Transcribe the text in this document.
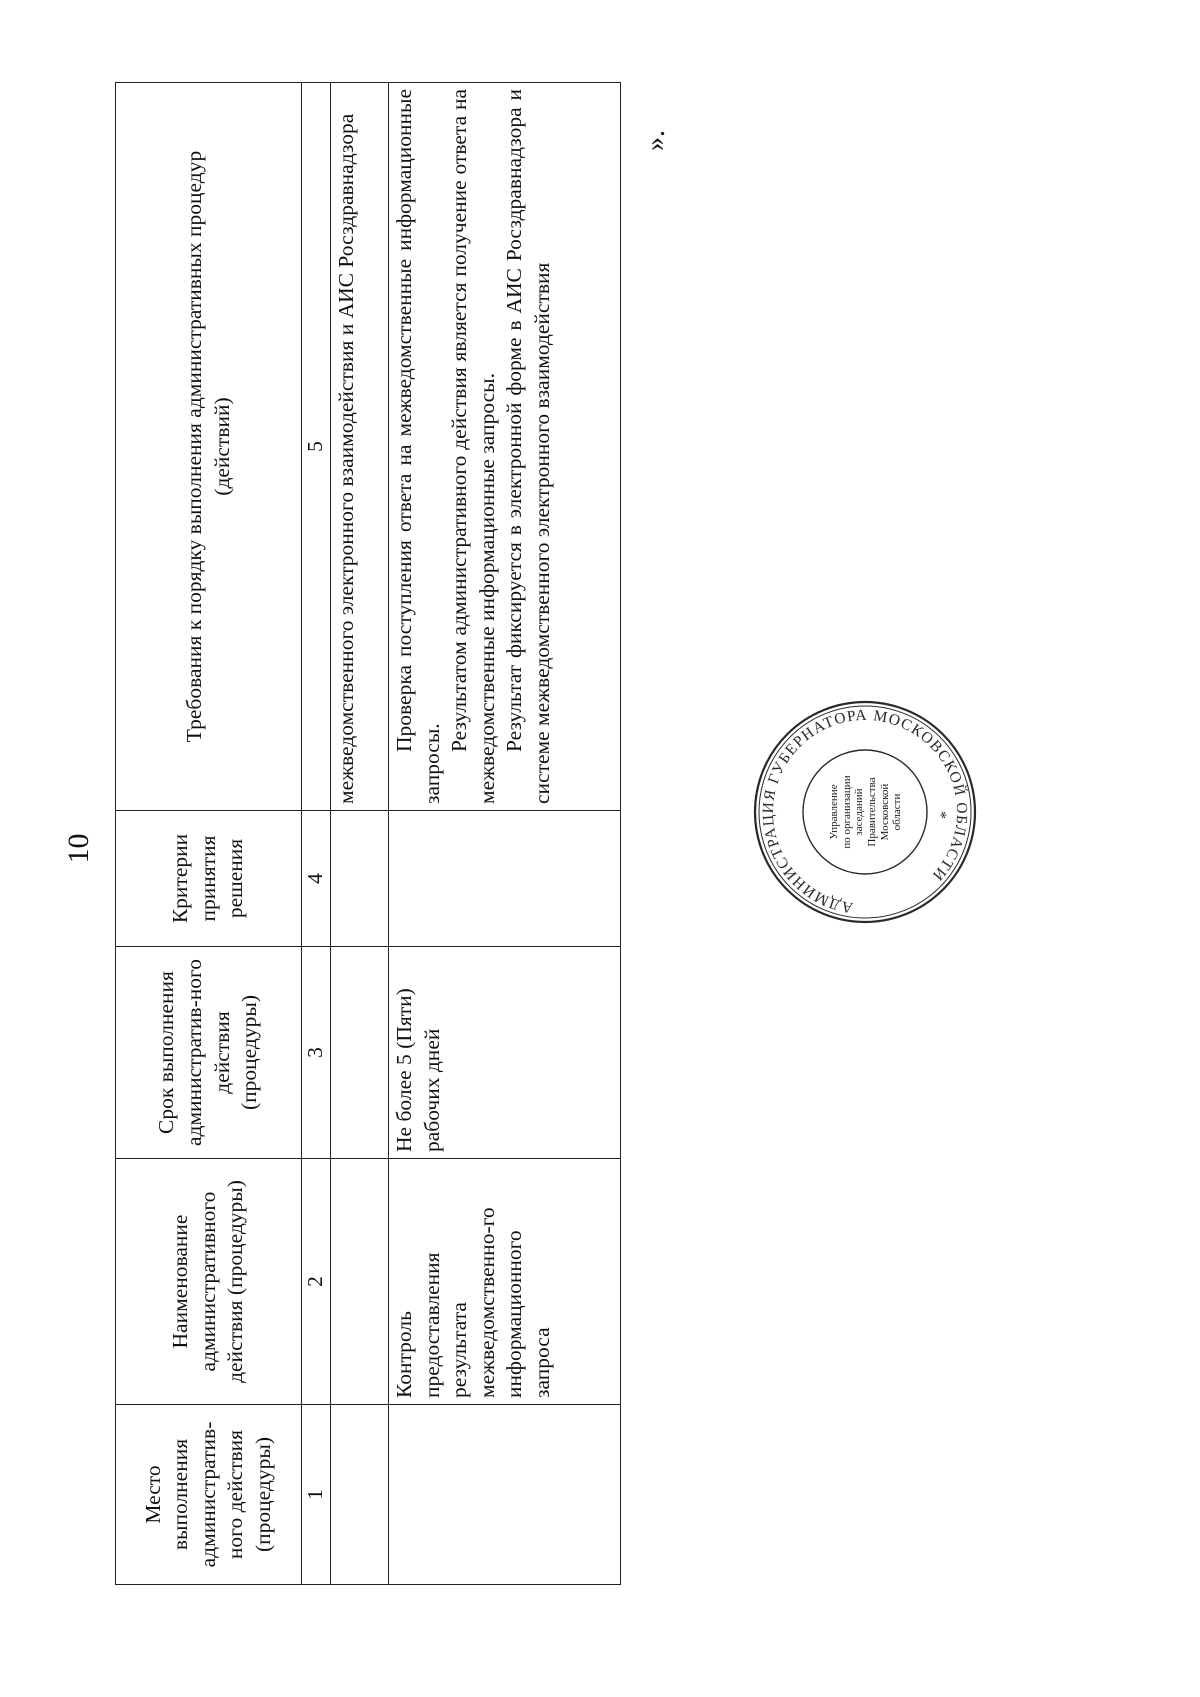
10
Место выполнения административ-ного действия (процедуры)	Наименование административного действия (процедуры)	Срок выполнения административ-ного действия (процедуры)	Критерии принятия решения	Требования к порядку выполнения административных процедур (действий)
1	2	3	4	5
				межведомственного электронного взаимодействия и АИС Росздравнадзора
	Контроль предоставления результата межведомственно-го информационного запроса	Не более 5 (Пяти) рабочих дней		Проверка поступления ответа на межведомственные информационные запросы.

Результатом административного действия является получение ответа на межведомственные информационные запросы. Результат фиксируется в электронной форме в АИС Росздравнадзора и системе межведомственного электронного взаимодействия

».
АДМИНИСТРАЦИЯ ГУБЕРНАТОРА МОСКОВСКОЙ ОБЛАСТИ
*
Управление по организации заседаний Правительства Московской области
